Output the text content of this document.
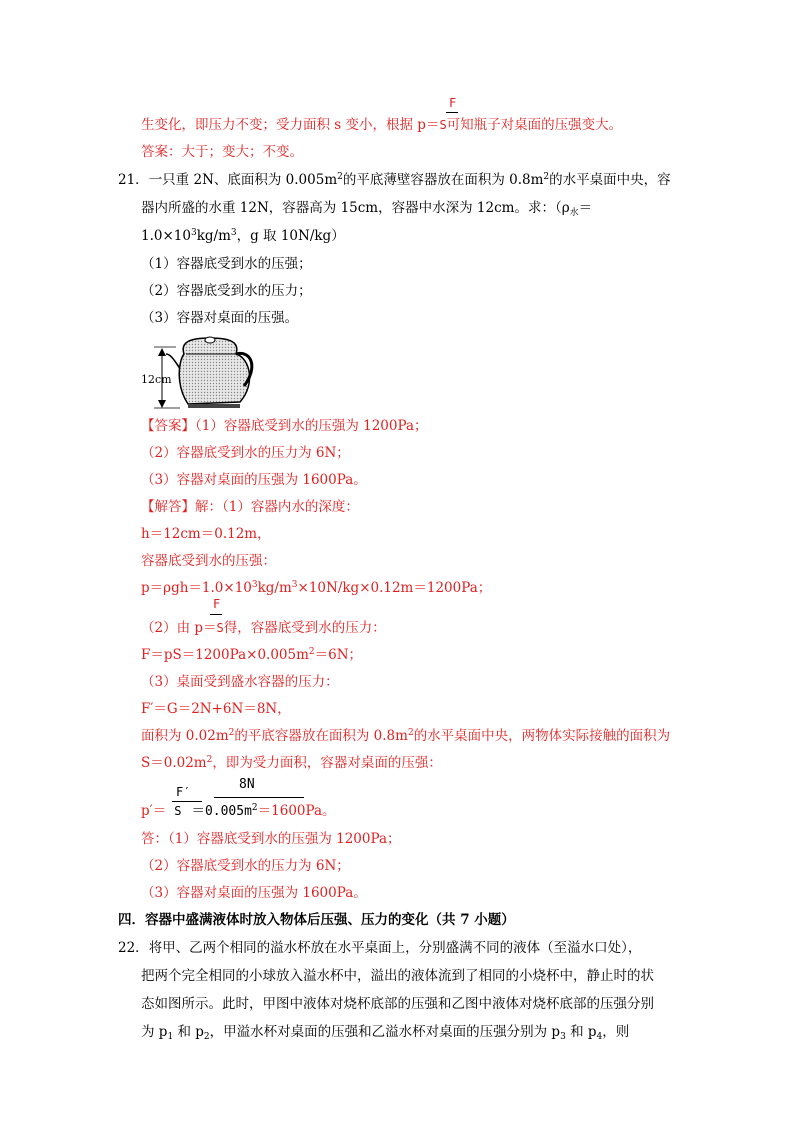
F
生变化，即压力不变；受力面积 s 变小，根据 p＝S可知瓶子对桌面的压强变大。
答案：大于；变大；不变。
21．一只重 2N、底面积为 $0.005m^2$的平底薄壁容器放在面积为 $0.8m^2$的水平桌面中央，容
器内所盛的水重 12N，容器高为 15cm，容器中水深为 12cm。求：（$\rho_水=$
$1.0\times 10^3kg/m^3$，g 取 10N/kg）
（1）容器底受到水的压强；
（2）容器底受到水的压力；
（3）容器对桌面的压强。
12cm
【答案】（1）容器底受到水的压强为 1200Pa；
（2）容器底受到水的压力为 6N；
（3）容器对桌面的压强为 1600Pa。
【解答】解：（1）容器内水的深度：
h＝12cm＝0.12m，
容器底受到水的压强：
$p=\rho gh=1.0\times 10^3kg/m^3\times 10N/kg\times 0.12m=1200Pa$；
F
（2）由 p＝S得，容器底受到水的压力：
$F=pS=1200Pa\times 0.005m^2=6N$；
（3）桌面受到盛水容器的压力：
F′＝G＝2N+6N＝8N，
面积为 $0.02m^2$的平底容器放在面积为 $0.8m^2$的水平桌面中央，两物体实际接触的面积为
$S=0.02m^2$，即为受力面积，容器对桌面的压强：
F′	8N
$p'= S =0.005m^2=1600Pa$。
答：（1）容器底受到水的压强为 1200Pa；
（2）容器底受到水的压力为 6N；
（3）容器对桌面的压强为 1600Pa。
四．容器中盛满液体时放入物体后压强、压力的变化（共 7 小题）
22．将甲、乙两个相同的溢水杯放在水平桌面上，分别盛满不同的液体（至溢水口处），
把两个完全相同的小球放入溢水杯中，溢出的液体流到了相同的小烧杯中，静止时的状
态如图所示。此时，甲图中液体对烧杯底部的压强和乙图中液体对烧杯底部的压强分别
为 $p_1$ 和 $p_2$，甲溢水杯对桌面的压强和乙溢水杯对桌面的压强分别为 $p_3$ 和 $p_4$，则
